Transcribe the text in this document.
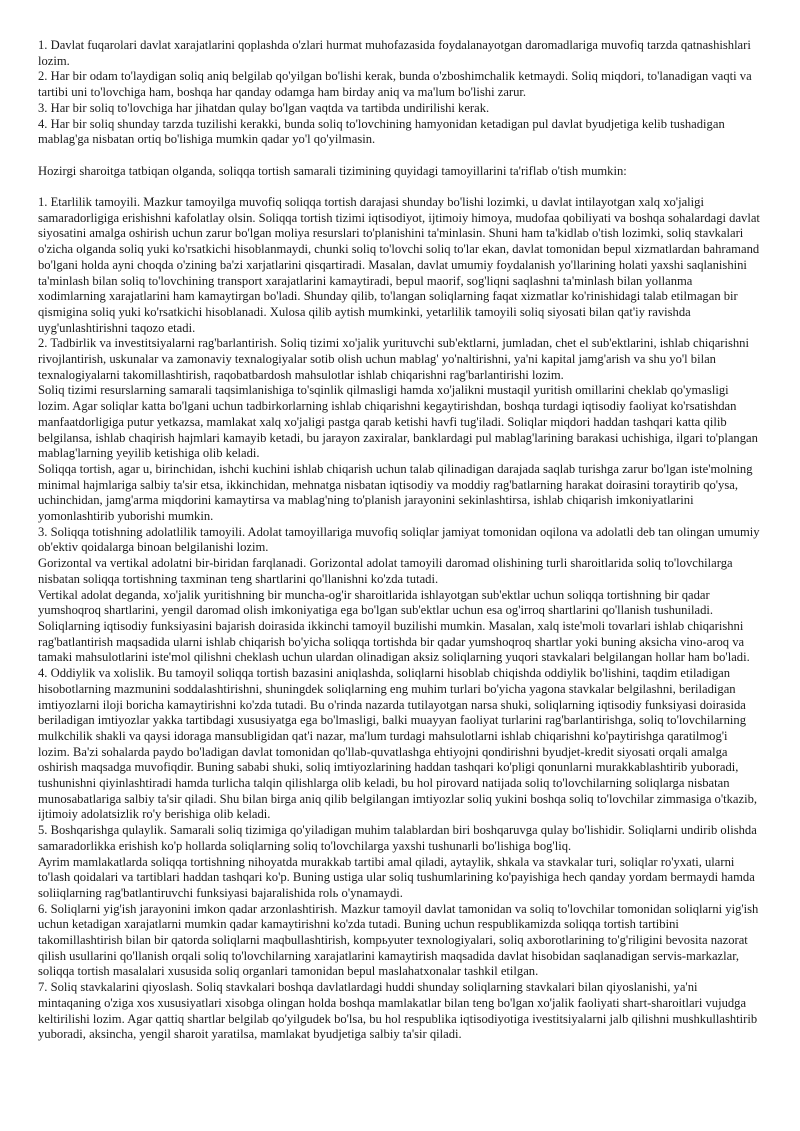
1. Davlat fuqarolari davlat xarajatlarini qoplashda o'zlari hurmat muhofazasida foydalanayotgan daromadlariga muvofiq tarzda qatnashishlari lozim.

2. Har bir odam to'laydigan soliq aniq belgilab qo'yilgan bo'lishi kerak, bunda o'zboshimchalik ketmaydi. Soliq miqdori, to'lanadigan vaqti va tartibi uni to'lovchiga ham, boshqa har qanday odamga ham birday aniq va ma'lum bo'lishi zarur.

3. Har bir soliq to'lovchiga har jihatdan qulay bo'lgan vaqtda va tartibda undirilishi kerak.

4. Har bir soliq shunday tarzda tuzilishi kerakki, bunda soliq to'lovchining hamyonidan ketadigan pul davlat byudjetiga kelib tushadigan mablag'ga nisbatan ortiq bo'lishiga mumkin qadar yo'l qo'yilmasin.

Hozirgi sharoitga tatbiqan olganda, soliqqa tortish samarali tizimining quyidagi tamoyillarini ta'riflab o'tish mumkin:

1. Etarlilik tamoyili. Mazkur tamoyilga muvofiq soliqqa tortish darajasi shunday bo'lishi lozimki, u davlat intilayotgan xalq xo'jaligi samaradorligiga erishishni kafolatlay olsin. Soliqqa tortish tizimi iqtisodiyot, ijtimoiy himoya, mudofaa qobiliyati va boshqa sohalardagi davlat siyosatini amalga oshirish uchun zarur bo'lgan moliya resurslari to'planishini ta'minlasin. Shuni ham ta'kidlab o'tish lozimki, soliq stavkalari o'zicha olganda soliq yuki ko'rsatkichi hisoblanmaydi, chunki soliq to'lovchi soliq to'lar ekan, davlat tomonidan bepul xizmatlardan bahramand bo'lgani holda ayni choqda o'zining ba'zi xarjatlarini qisqartiradi. Masalan, davlat umumiy foydalanish yo'llarining holati yaxshi saqlanishini ta'minlash bilan soliq to'lovchining transport xarajatlarini kamaytiradi, bepul maorif, sog'liqni saqlashni ta'minlash bilan yollanma xodimlarning xarajatlarini ham kamaytirgan bo'ladi. Shunday qilib, to'langan soliqlarning faqat xizmatlar ko'rinishidagi talab etilmagan bir qismigina soliq yuki ko'rsatkichi hisoblanadi. Xulosa qilib aytish mumkinki, yetarlilik tamoyili soliq siyosati bilan qat'iy ravishda uyg'unlashtirishni taqozo etadi.

2. Tadbirlik va investitsiyalarni rag'barlantirish. Soliq tizimi xo'jalik yurituvchi sub'ektlarni, jumladan, chet el sub'ektlarini, ishlab chiqarishni rivojlantirish, uskunalar va zamonaviy texnalogiyalar sotib olish uchun mablag' yo'naltirishni, ya'ni kapital jamg'arish va shu yo'l bilan texnalogiyalarni takomillashtirish, raqobatbardosh mahsulotlar ishlab chiqarishni rag'barlantirishi lozim.

Soliq tizimi resurslarning samarali taqsimlanishiga to'sqinlik qilmasligi hamda xo'jalikni mustaqil yuritish omillarini cheklab qo'ymasligi lozim. Agar soliqlar katta bo'lgani uchun tadbirkorlarning ishlab chiqarishni kegaytirishdan, boshqa turdagi iqtisodiy faoliyat ko'rsatishdan manfaatdorligiga putur yetkazsa, mamlakat xalq xo'jaligi pastga qarab ketishi havfi tug'iladi. Soliqlar miqdori haddan tashqari katta qilib belgilansa, ishlab chaqirish hajmlari kamayib ketadi, bu jarayon zaxiralar, banklardagi pul mablag'larining barakasi uchishiga, ilgari to'plangan mablag'larning yeyilib ketishiga olib keladi.

Soliqqa tortish, agar u, birinchidan, ishchi kuchini ishlab chiqarish uchun talab qilinadigan darajada saqlab turishga zarur bo'lgan iste'molning minimal hajmlariga salbiy ta'sir etsa, ikkinchidan, mehnatga nisbatan iqtisodiy va moddiy rag'batlarning harakat doirasini toraytirib qo'ysa, uchinchidan, jamg'arma miqdorini kamaytirsa va mablag'ning to'planish jarayonini sekinlashtirsa, ishlab chiqarish imkoniyatlarini yomonlashtirib yuborishi mumkin.

3. Soliqqa totishning adolatlilik tamoyili. Adolat tamoyillariga muvofiq soliqlar jamiyat tomonidan oqilona va adolatli deb tan olingan umumiy ob'ektiv qoidalarga binoan belgilanishi lozim.

Gorizontal va vertikal adolatni bir-biridan farqlanadi. Gorizontal adolat tamoyili daromad olishining turli sharoitlarida soliq to'lovchilarga nisbatan soliqqa tortishning taxminan teng shartlarini qo'llanishni ko'zda tutadi.

Vertikal adolat deganda, xo'jalik yuritishning bir muncha-og'ir sharoitlarida ishlayotgan sub'ektlar uchun soliqqa tortishning bir qadar yumshoqroq shartlarini, yengil daromad olish imkoniyatiga ega bo'lgan sub'ektlar uchun esa og'irroq shartlarini qo'llanish tushuniladi. Soliqlarning iqtisodiy funksiyasini bajarish doirasida ikkinchi tamoyil buzilishi mumkin. Masalan, xalq iste'moli tovarlari ishlab chiqarishni rag'batlantirish maqsadida ularni ishlab chiqarish bo'yicha soliqqa tortishda bir qadar yumshoqroq shartlar yoki buning aksicha vino-aroq va tamaki mahsulotlarini iste'mol qilishni cheklash uchun ulardan olinadigan aksiz soliqlarning yuqori stavkalari belgilangan hollar ham bo'ladi.

4. Oddiylik va xolislik. Bu tamoyil soliqqa tortish bazasini aniqlashda, soliqlarni hisoblab chiqishda oddiylik bo'lishini, taqdim etiladigan hisobotlarning mazmunini soddalashtirishni, shuningdek soliqlarning eng muhim turlari bo'yicha yagona stavkalar belgilashni, beriladigan imtiyozlarni iloji boricha kamaytirishni ko'zda tutadi. Bu o'rinda nazarda tutilayotgan narsa shuki, soliqlarning iqtisodiy funksiyasi doirasida beriladigan imtiyozlar yakka tartibdagi xususiyatga ega bo'lmasligi, balki muayyan faoliyat turlarini rag'barlantirishga, soliq to'lovchilarning mulkchilik shakli va qaysi idoraga mansubligidan qat'i nazar, ma'lum turdagi mahsulotlarni ishlab chiqarishni ko'paytirishga qaratilmog'i lozim. Ba'zi sohalarda paydo bo'ladigan davlat tomonidan qo'llab-quvatlashga ehtiyojni qondirishni byudjet-kredit siyosati orqali amalga oshirish maqsadga muvofiqdir. Buning sababi shuki, soliq imtiyozlarining haddan tashqari ko'pligi qonunlarni murakkablashtirib yuboradi, tushunishni qiyinlashtiradi hamda turlicha talqin qilishlarga olib keladi, bu hol pirovard natijada soliq to'lovchilarning soliqlarga nisbatan munosabatlariga salbiy ta'sir qiladi. Shu bilan birga aniq qilib belgilangan imtiyozlar soliq yukini boshqa soliq to'lovchilar zimmasiga o'tkazib, ijtimoiy adolatsizlik ro'y berishiga olib keladi.

5. Boshqarishga qulaylik. Samarali soliq tizimiga qo'yiladigan muhim talablardan biri boshqaruvga qulay bo'lishidir. Soliqlarni undirib olishda samaradorlikka erishish ko'p hollarda soliqlarning soliq to'lovchilarga yaxshi tushunarli bo'lishiga bog'liq.

Ayrim mamlakatlarda soliqqa tortishning nihoyatda murakkab tartibi amal qiladi, aytaylik, shkala va stavkalar turi, soliqlar ro'yxati, ularni to'lash qoidalari va tartiblari haddan tashqari ko'p. Buning ustiga ular soliq tushumlarining ko'payishiga hech qanday yordam bermaydi hamda soliiqlarning rag'batlantiruvchi funksiyasi bajaralishida rolь o'ynamaydi.

6. Soliqlarni yig'ish jarayonini imkon qadar arzonlashtirish. Mazkur tamoyil davlat tamonidan va soliq to'lovchilar tomonidan soliqlarni yig'ish uchun ketadigan xarajatlarni mumkin qadar kamaytirishni ko'zda tutadi. Buning uchun respublikamizda soliqqa tortish tartibini takomillashtirish bilan bir qatorda soliqlarni maqbullashtirish, kompьyuter texnologiyalari, soliq axborotlarining to'g'riligini bevosita nazorat qilish usullarini qo'llanish orqali soliq to'lovchilarning xarajatlarini kamaytirish maqsadida davlat hisobidan saqlanadigan servis-markazlar, soliqqa tortish masalalari xususida soliq organlari tamonidan bepul maslahatxonalar tashkil etilgan.

7. Soliq stavkalarini qiyoslash. Soliq stavkalari boshqa davlatlardagi huddi shunday soliqlarning stavkalari bilan qiyoslanishi, ya'ni mintaqaning o'ziga xos xususiyatlari xisobga olingan holda boshqa mamlakatlar bilan teng bo'lgan xo'jalik faoliyati shart-sharoitlari vujudga keltirilishi lozim. Agar qattiq shartlar belgilab qo'yilgudek bo'lsa, bu hol respublika iqtisodiyotiga ivestitsiyalarni jalb qilishni mushkullashtirib yuboradi, aksincha, yengil sharoit yaratilsa, mamlakat byudjetiga salbiy ta'sir qiladi.
